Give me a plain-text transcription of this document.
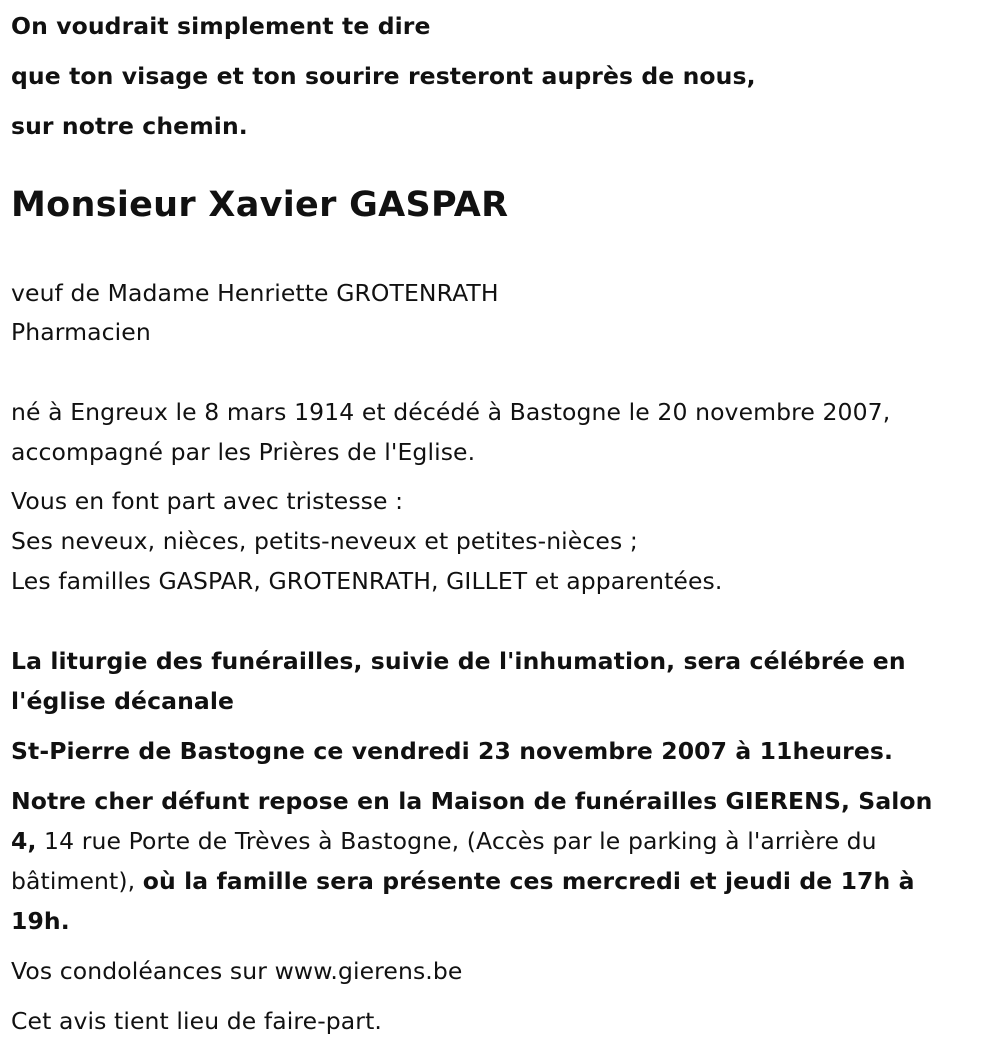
On voudrait simplement te dire
que ton visage et ton sourire resteront auprès de nous,
sur notre chemin.
Monsieur Xavier GASPAR
veuf de Madame Henriette GROTENRATH
Pharmacien
né à Engreux le 8 mars 1914 et décédé à Bastogne le 20 novembre 2007,
accompagné par les Prières de l'Eglise.
Vous en font part avec tristesse :
Ses neveux, nièces, petits-neveux et petites-nièces ;
Les familles GASPAR, GROTENRATH, GILLET et apparentées.
La liturgie des funérailles, suivie de l'inhumation, sera célébrée en
l'église décanale
St-Pierre de Bastogne ce vendredi 23 novembre 2007 à 11heures.
Notre cher défunt repose en la Maison de funérailles GIERENS, Salon
4, 14 rue Porte de Trèves à Bastogne, (Accès par le parking à l'arrière du
bâtiment), où la famille sera présente ces mercredi et jeudi de 17h à
19h.
Vos condoléances sur www.gierens.be
Cet avis tient lieu de faire-part.
